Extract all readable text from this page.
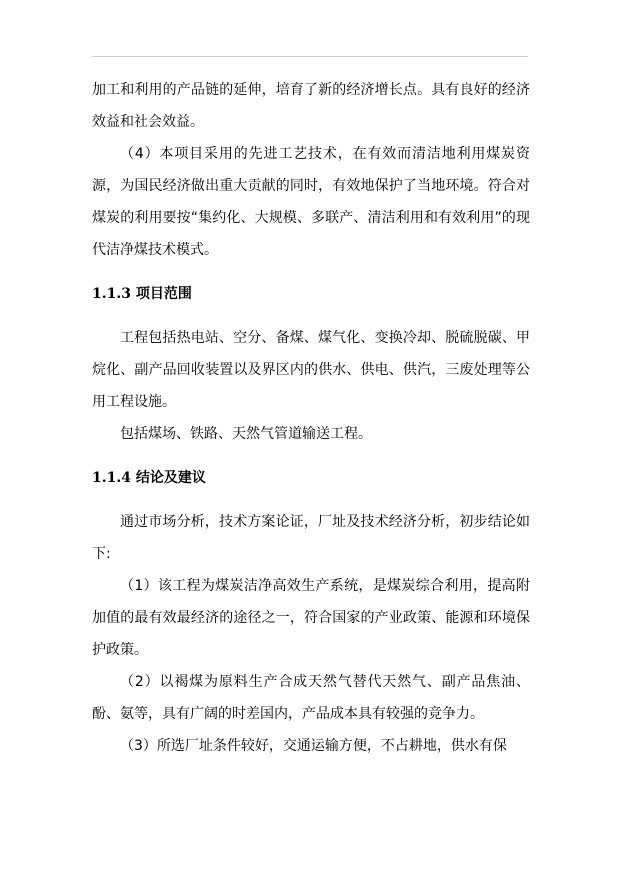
加工和利用的产品链的延伸，培育了新的经济增长点。具有良好的经济效益和社会效益。

（4）本项目采用的先进工艺技术，在有效而清洁地利用煤炭资源，为国民经济做出重大贡献的同时，有效地保护了当地环境。符合对煤炭的利用要按“集约化、大规模、多联产、清洁利用和有效利用”的现代洁净煤技术模式。

1.1.3 项目范围

工程包括热电站、空分、备煤、煤气化、变换冷却、脱硫脱碳、甲烷化、副产品回收装置以及界区内的供水、供电、供汽，三废处理等公用工程设施。

包括煤场、铁路、天然气管道输送工程。

1.1.4 结论及建议

通过市场分析，技术方案论证，厂址及技术经济分析，初步结论如下:

（1）该工程为煤炭洁净高效生产系统，是煤炭综合利用，提高附加值的最有效最经济的途径之一，符合国家的产业政策、能源和环境保护政策。

（2）以褐煤为原料生产合成天然气替代天然气、副产品焦油、酚、氨等，具有广阔的时差国内，产品成本具有较强的竞争力。

（3）所选厂址条件较好，交通运输方便，不占耕地，供水有保
